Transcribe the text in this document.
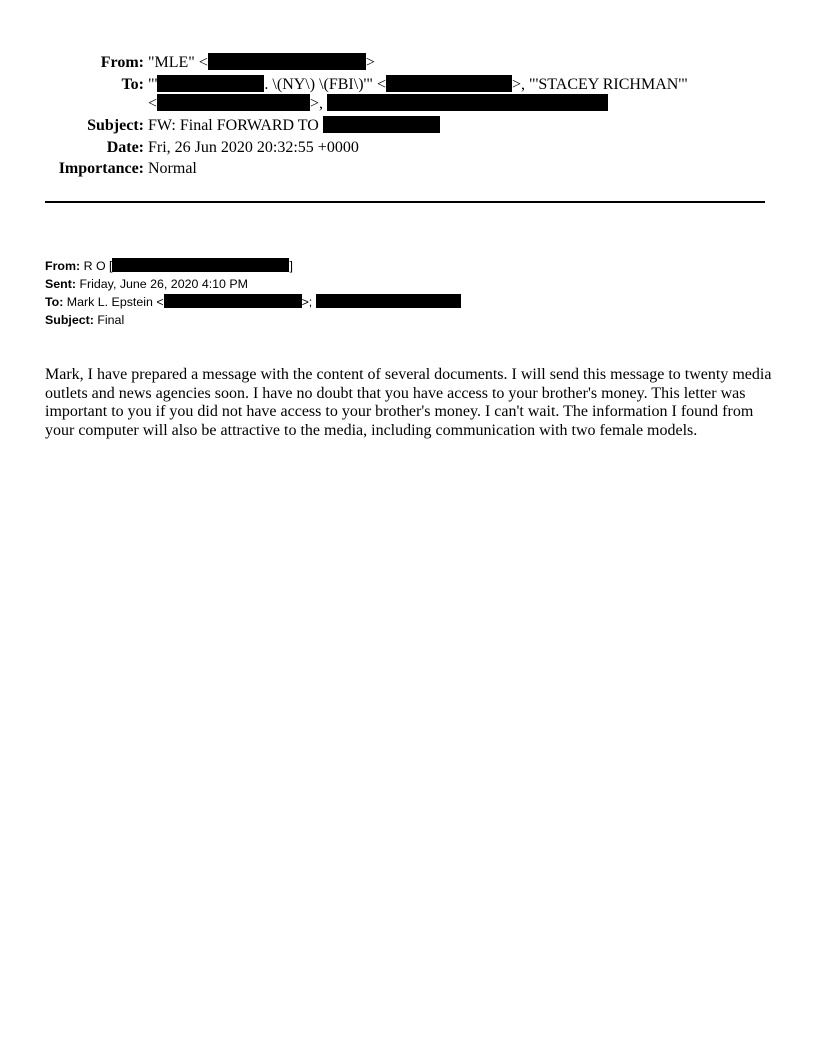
From: "MLE" <	>
To: "'	. \(NY\) \(FBI\)'" <	>, "'STACEY RICHMAN'"
<	>,
Subject: FW: Final FORWARD TO
Date: Fri, 26 Jun 2020 20:32:55 +0000
Importance: Normal
From: R O [	]
Sent: Friday, June 26, 2020 4:10 PM
To: Mark L. Epstein <	>;
Subject: Final
Mark, I have prepared a message with the content of several documents. I will send this message to twenty media outlets and news agencies soon. I have no doubt that you have access to your brother's money. This letter was important to you if you did not have access to your brother's money. I can't wait. The information I found from your computer will also be attractive to the media, including communication with two female models.
